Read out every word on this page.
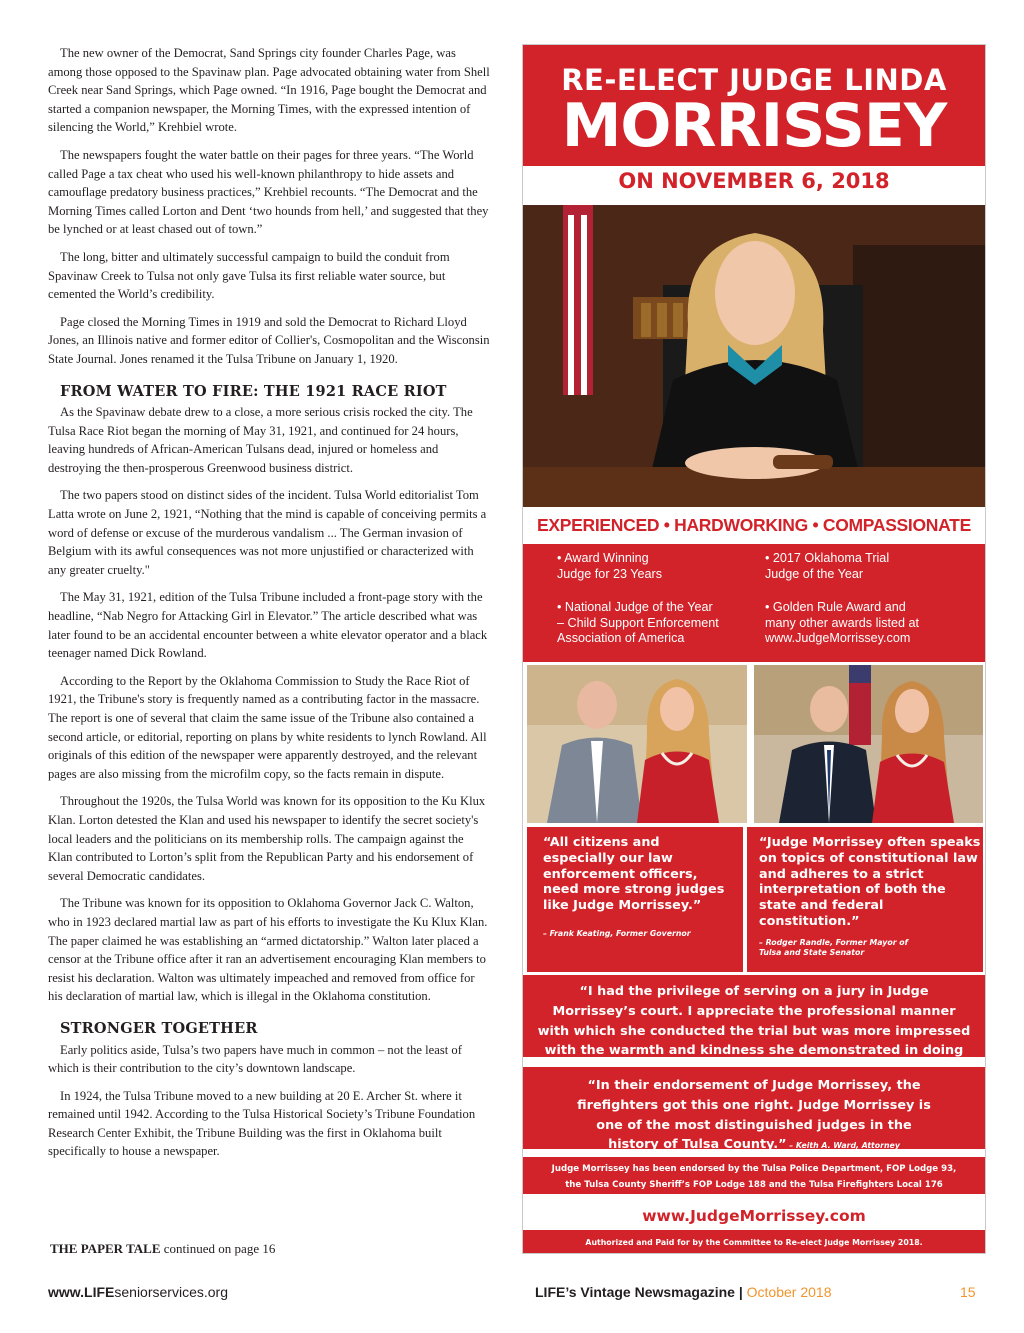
The new owner of the Democrat, Sand Springs city founder Charles Page, was among those opposed to the Spavinaw plan. Page advocated obtaining water from Shell Creek near Sand Springs, which Page owned. “In 1916, Page bought the Democrat and started a companion newspaper, the Morning Times, with the expressed intention of silencing the World,” Krehbiel wrote.

The newspapers fought the water battle on their pages for three years. “The World called Page a tax cheat who used his well-known philanthropy to hide assets and camouflage predatory business practices,” Krehbiel recounts. “The Democrat and the Morning Times called Lorton and Dent ‘two hounds from hell,’ and suggested that they be lynched or at least chased out of town.”

The long, bitter and ultimately successful campaign to build the conduit from Spavinaw Creek to Tulsa not only gave Tulsa its first reliable water source, but cemented the World’s credibility.

Page closed the Morning Times in 1919 and sold the Democrat to Richard Lloyd Jones, an Illinois native and former editor of Collier's, Cosmopolitan and the Wisconsin State Journal. Jones renamed it the Tulsa Tribune on January 1, 1920.

FROM WATER TO FIRE: THE 1921 RACE RIOT

As the Spavinaw debate drew to a close, a more serious crisis rocked the city. The Tulsa Race Riot began the morning of May 31, 1921, and continued for 24 hours, leaving hundreds of African-American Tulsans dead, injured or homeless and destroying the then-prosperous Greenwood business district.

The two papers stood on distinct sides of the incident. Tulsa World editorialist Tom Latta wrote on June 2, 1921, “Nothing that the mind is capable of conceiving permits a word of defense or excuse of the murderous vandalism ... The German invasion of Belgium with its awful consequences was not more unjustified or characterized with any greater cruelty."

The May 31, 1921, edition of the Tulsa Tribune included a front-page story with the headline, “Nab Negro for Attacking Girl in Elevator.” The article described what was later found to be an accidental encounter between a white elevator operator and a black teenager named Dick Rowland.

According to the Report by the Oklahoma Commission to Study the Race Riot of 1921, the Tribune's story is frequently named as a contributing factor in the massacre. The report is one of several that claim the same issue of the Tribune also contained a second article, or editorial, reporting on plans by white residents to lynch Rowland. All originals of this edition of the newspaper were apparently destroyed, and the relevant pages are also missing from the microfilm copy, so the facts remain in dispute.

Throughout the 1920s, the Tulsa World was known for its opposition to the Ku Klux Klan. Lorton detested the Klan and used his newspaper to identify the secret society's local leaders and the politicians on its membership rolls. The campaign against the Klan contributed to Lorton’s split from the Republican Party and his endorsement of several Democratic candidates.

The Tribune was known for its opposition to Oklahoma Governor Jack C. Walton, who in 1923 declared martial law as part of his efforts to investigate the Ku Klux Klan. The paper claimed he was establishing an “armed dictatorship.” Walton later placed a censor at the Tribune office after it ran an advertisement encouraging Klan members to resist his declaration. Walton was ultimately impeached and removed from office for his declaration of martial law, which is illegal in the Oklahoma constitution.

STRONGER TOGETHER

Early politics aside, Tulsa’s two papers have much in common – not the least of which is their contribution to the city’s downtown landscape.

In 1924, the Tulsa Tribune moved to a new building at 20 E. Archer St. where it remained until 1942. According to the Tulsa Historical Society’s Tribune Foundation Research Center Exhibit, the Tribune Building was the first in Oklahoma built specifically to house a newspaper.

THE PAPER TALE continued on page 16
RE-ELECT JUDGE LINDA
MORRISSEY
ON NOVEMBER 6, 2018
EXPERIENCED • HARDWORKING • COMPASSIONATE
• Award Winning
Judge for 23 Years
• 2017 Oklahoma Trial
Judge of the Year
• National Judge of the Year
– Child Support Enforcement
Association of America
• Golden Rule Award and
many other awards listed at
www.JudgeMorrissey.com
“All citizens and especially our law enforcement officers, need more strong judges like Judge Morrissey.”
– Frank Keating, Former Governor
“Judge Morrissey often speaks on topics of constitutional law and adheres to a strict interpretation of both the state and federal constitution.”
– Rodger Randle, Former Mayor of
Tulsa and State Senator
“I had the privilege of serving on a jury in Judge Morrissey’s court. I appreciate the professional manner with which she conducted the trial but was more impressed with the warmth and kindness she demonstrated in doing
“In their endorsement of Judge Morrissey, the firefighters got this one right. Judge Morrissey is one of the most distinguished judges in the history of Tulsa County.” – Keith A. Ward, Attorney
Judge Morrissey has been endorsed by the Tulsa Police Department, FOP Lodge 93,
the Tulsa County Sheriff’s FOP Lodge 188 and the Tulsa Firefighters Local 176
www.JudgeMorrissey.com
Authorized and Paid for by the Committee to Re-elect Judge Morrissey 2018.
www.LIFEseniorservices.org	LIFE’s Vintage Newsmagazine | October 2018	15
